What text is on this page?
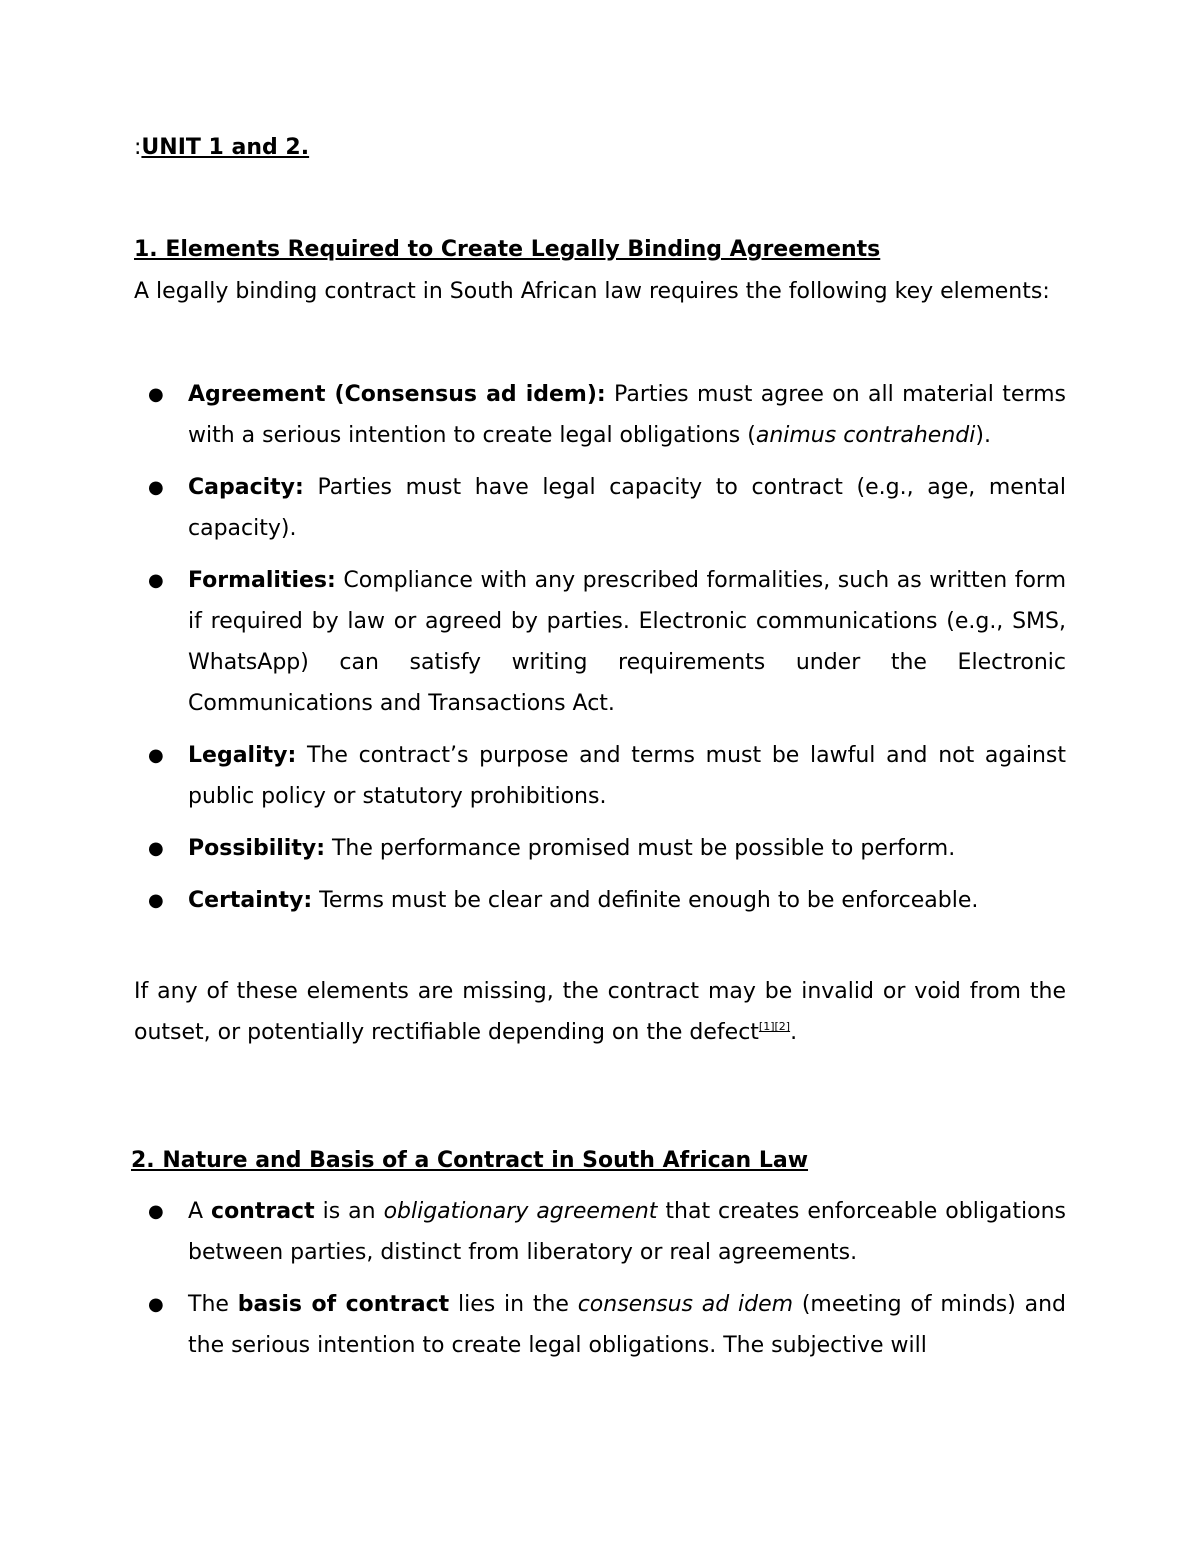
:UNIT 1 and 2.

1. Elements Required to Create Legally Binding Agreements

A legally binding contract in South African law requires the following key elements:

● Agreement (Consensus ad idem): Parties must agree on all material terms with a serious intention to create legal obligations (animus contrahendi).
● Capacity: Parties must have legal capacity to contract (e.g., age, mental capacity).
● Formalities: Compliance with any prescribed formalities, such as written form if required by law or agreed by parties. Electronic communications (e.g., SMS, WhatsApp) can satisfy writing requirements under the Electronic Communications and Transactions Act.
● Legality: The contract’s purpose and terms must be lawful and not against public policy or statutory prohibitions.
● Possibility: The performance promised must be possible to perform.
● Certainty: Terms must be clear and definite enough to be enforceable.

If any of these elements are missing, the contract may be invalid or void from the outset, or potentially rectifiable depending on the defect[1][2].

2. Nature and Basis of a Contract in South African Law
● A contract is an obligationary agreement that creates enforceable obligations between parties, distinct from liberatory or real agreements.
● The basis of contract lies in the consensus ad idem (meeting of minds) and the serious intention to create legal obligations. The subjective will
